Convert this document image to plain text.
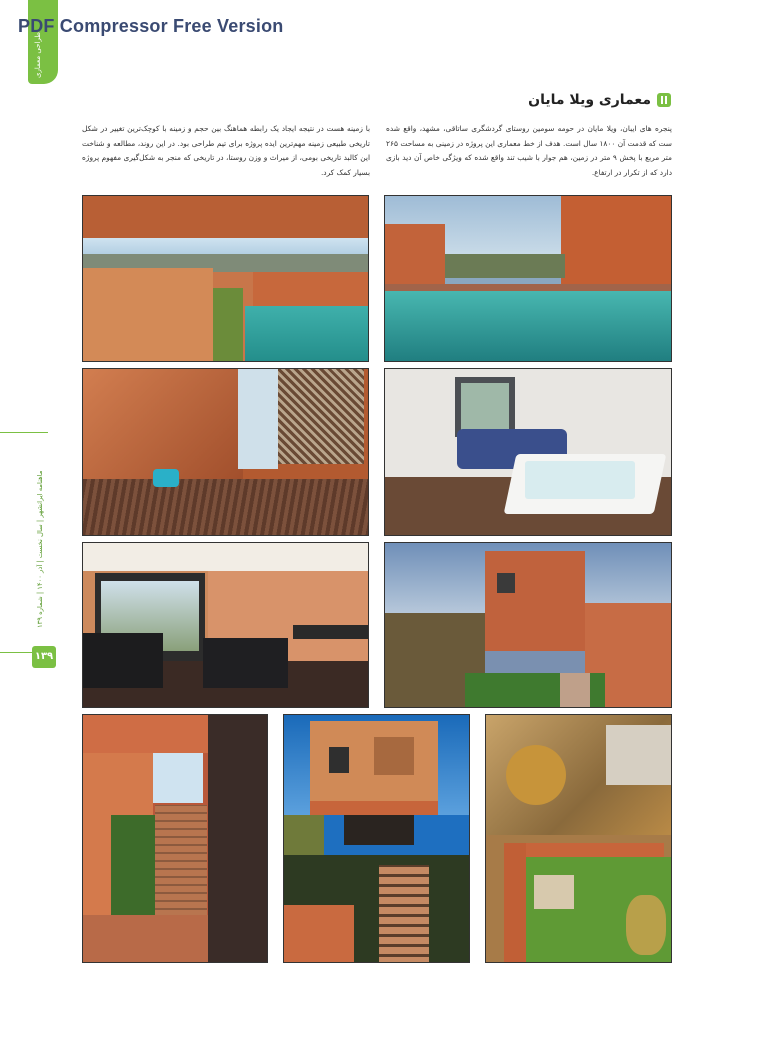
PDF Compressor Free Version
طراحی معماری
ماهنامه ایرانشهر | سال نخست | آذر ۱۴۰۰ | شماره ۱۳۹
۱۳۹
معماری ویلا مایان
پنجره های ایبان، ویلا مایان در حومه سومین روستای گردشگری ساتاقی، مشهد، واقع شده ست که قدمت آن ۱۸۰۰ سال است. هدف از خط معمارى این پروژه در زمینی به مساحت ۲۶۵ متر مربع با پخش ۹ متر در زمین، هم جوار با شیب تند واقع شده که ویژگی خاص آن دید بازی دارد که از تکرار در ارتفاع.
با زمینه هست در نتیجه ایجاد یک رابطه هماهنگ بین حجم و زمینه با کوچک‌ترین تغییر در شکل تاریخی طبیعی زمینه مهم‌ترین ایده پروژه برای تیم طراحی بود. در این روند، مطالعه و شناخت این کالبد تاریخی بومی، از میراث و وزن روستا، در تاریخی که منجر به شکل‌گیری مفهوم پروژه بسیار کمک کرد.
